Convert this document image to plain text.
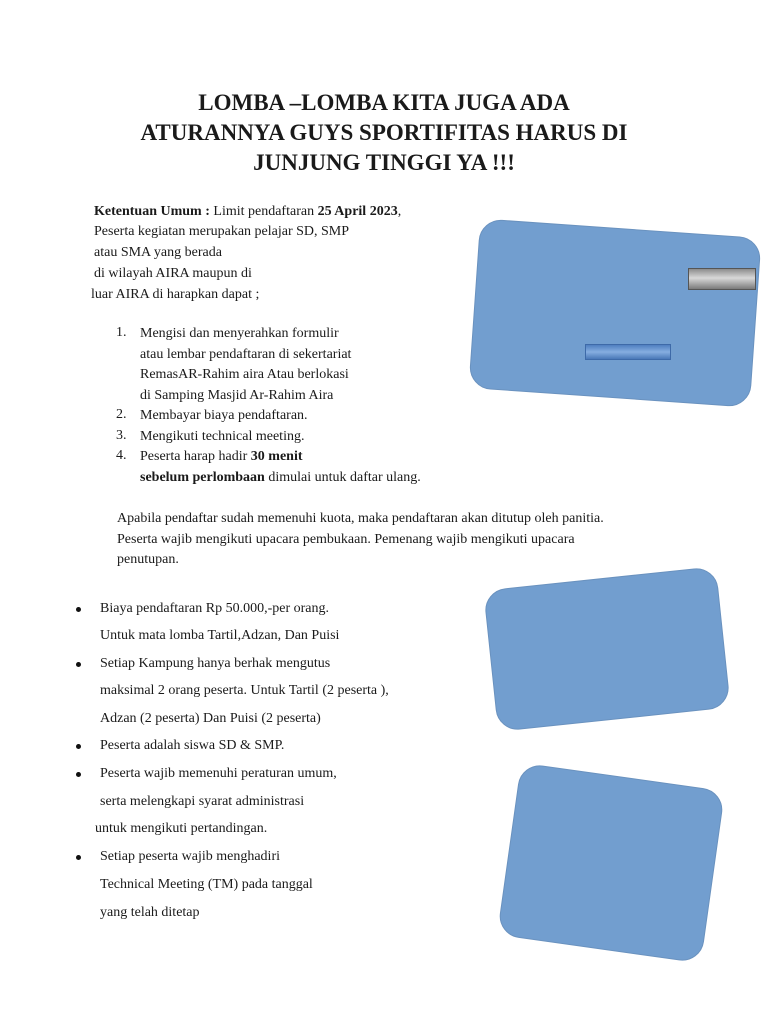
LOMBA –LOMBA KITA JUGA ADA
ATURANNYA GUYS SPORTIFITAS HARUS DI
JUNJUNG TINGGI YA !!!
Ketentuan Umum : Limit pendaftaran 25 April 2023,
Peserta kegiatan merupakan pelajar SD, SMP
atau SMA yang berada
di wilayah AIRA maupun di
luar AIRA di harapkan dapat ;
1. Mengisi dan menyerahkan formulir
atau lembar pendaftaran di sekertariat
RemasAR-Rahim aira Atau berlokasi
di Samping Masjid Ar-Rahim Aira
2. Membayar biaya pendaftaran.
3. Mengikuti technical meeting.
4. Peserta harap hadir 30 menit
sebelum perlombaan dimulai untuk daftar ulang.
Apabila pendaftar sudah memenuhi kuota, maka pendaftaran akan ditutup oleh panitia.
Peserta wajib mengikuti upacara pembukaan. Pemenang wajib mengikuti upacara
penutupan.
Biaya pendaftaran Rp 50.000,-per orang.
Untuk mata lomba Tartil,Adzan, Dan Puisi
Setiap Kampung hanya berhak mengutus
maksimal 2 orang peserta. Untuk Tartil (2 peserta ),
Adzan (2 peserta) Dan Puisi (2 peserta)
Peserta adalah siswa SD & SMP.
Peserta wajib memenuhi peraturan umum,
serta melengkapi syarat administrasi
untuk mengikuti pertandingan.
Setiap peserta wajib menghadiri
Technical Meeting (TM) pada tanggal
yang telah ditetap
